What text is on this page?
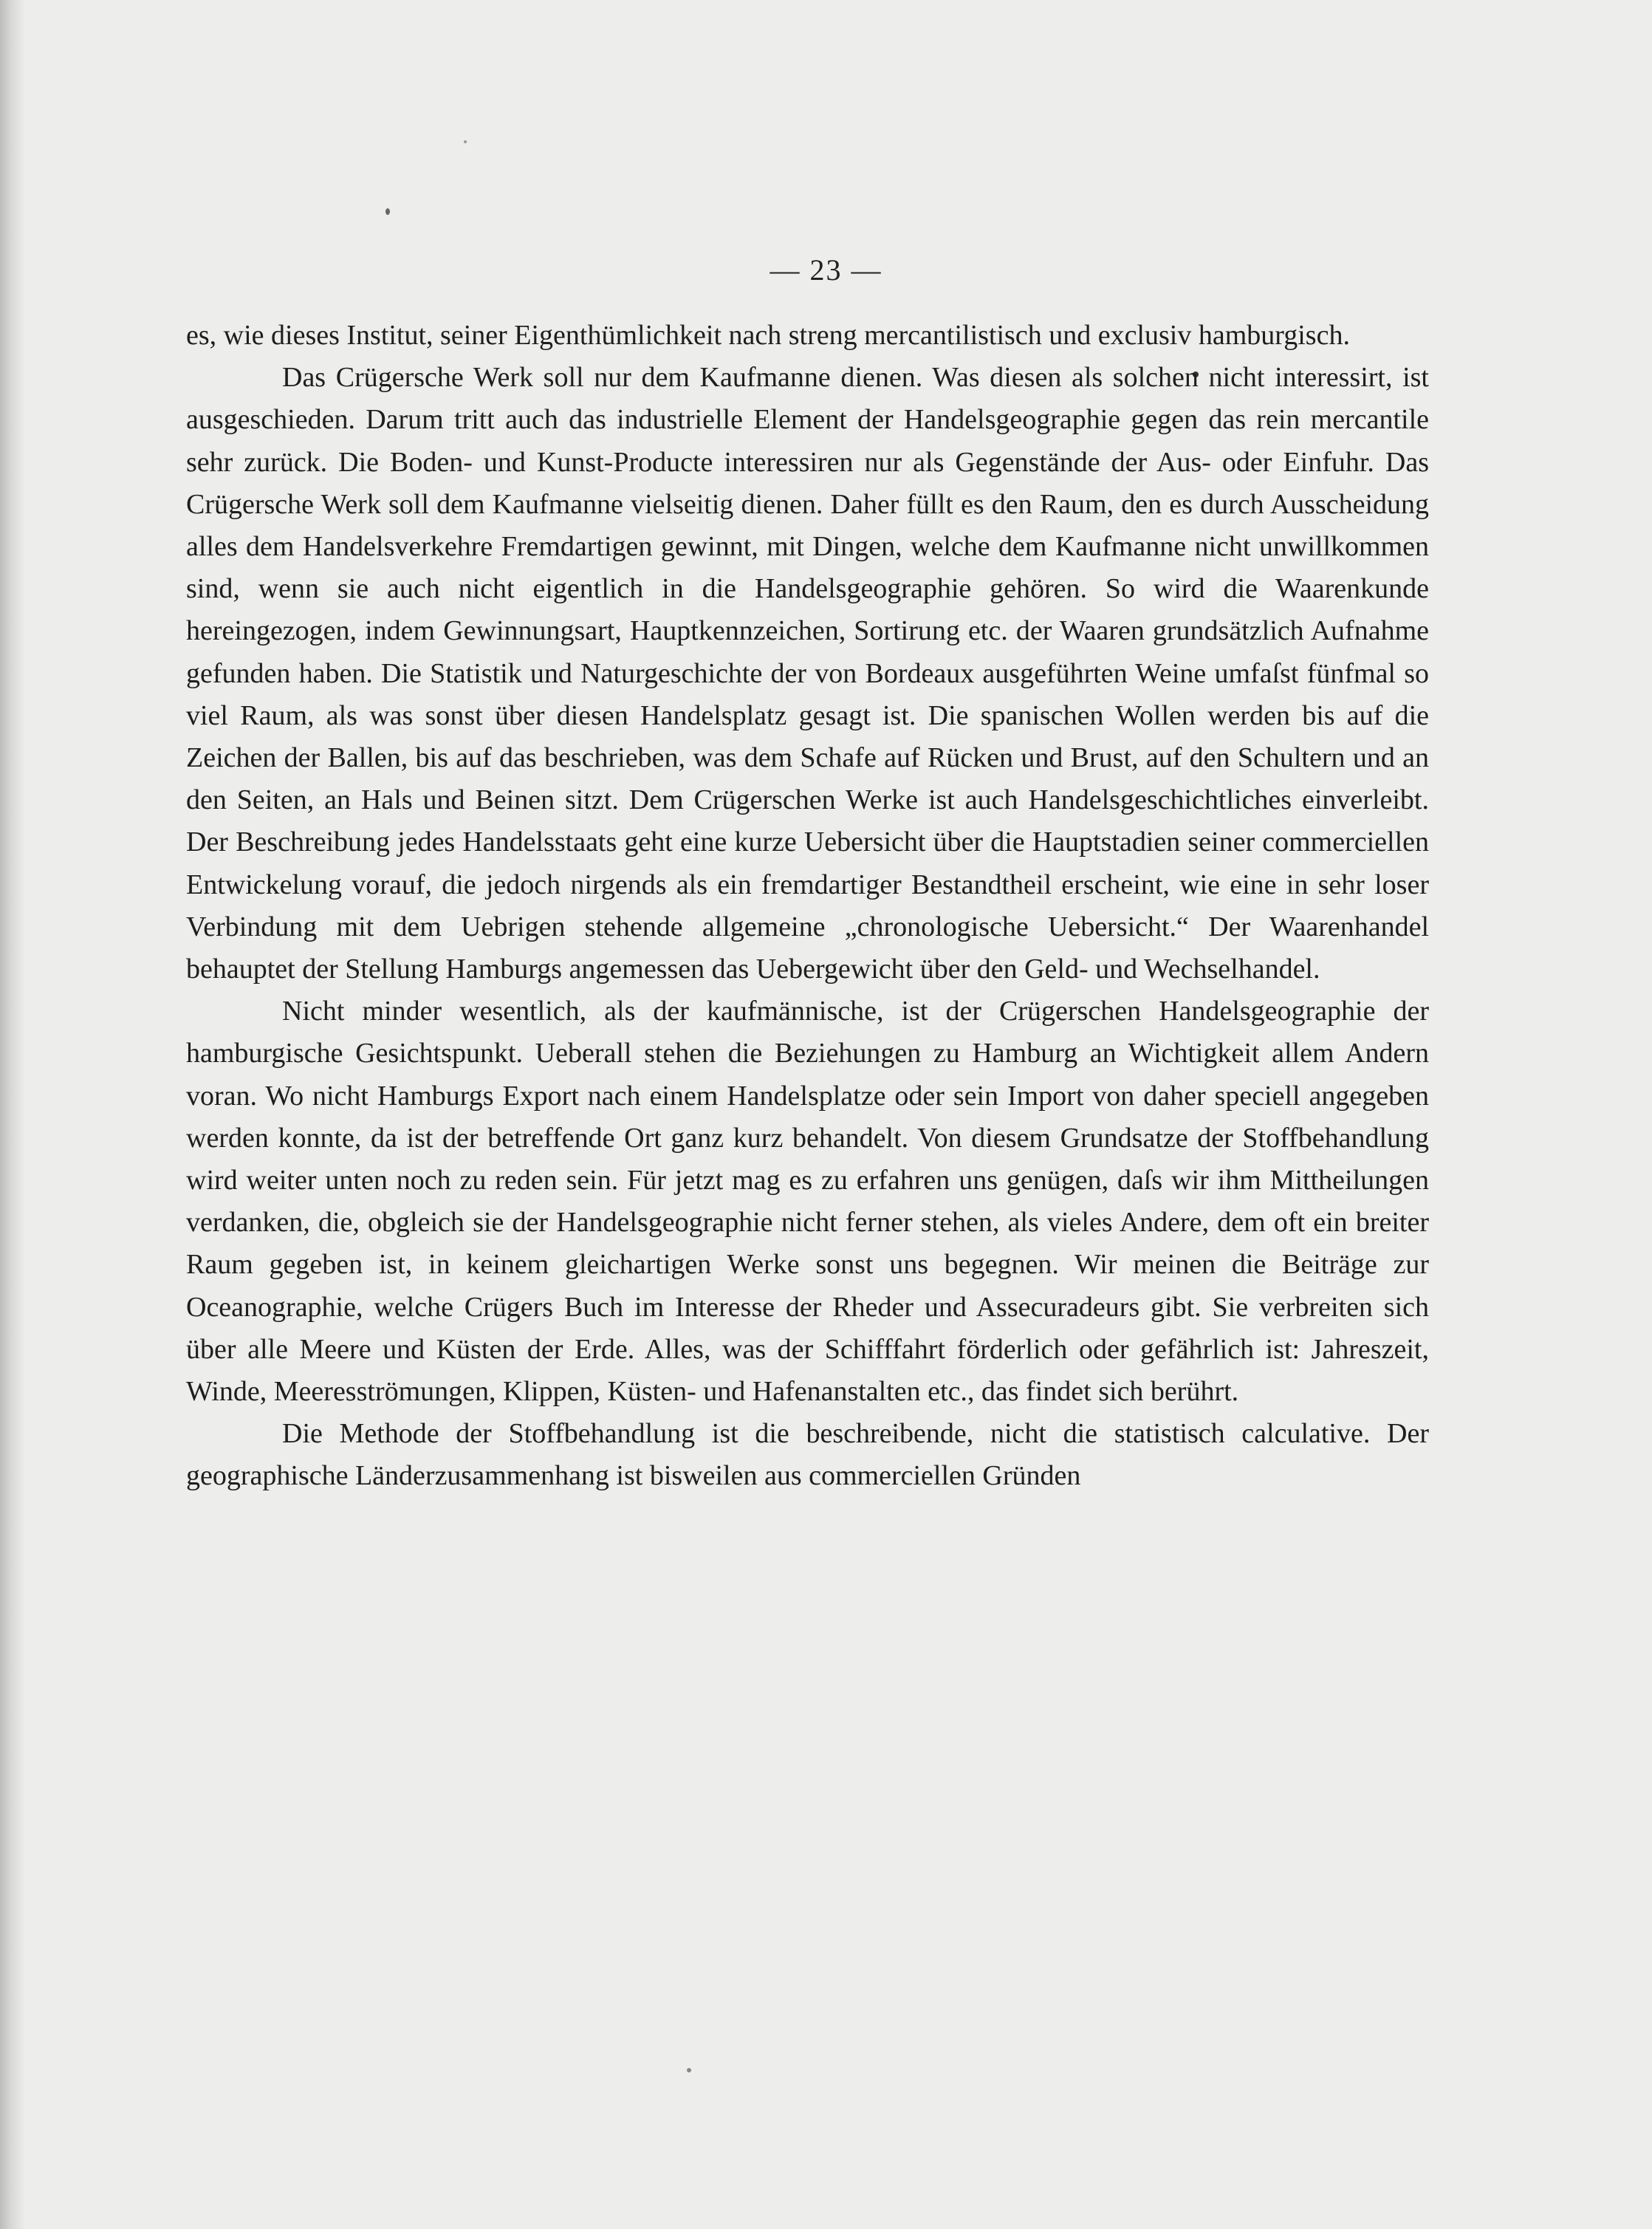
— 23 —

es, wie dieses Institut, seiner Eigenthümlichkeit nach streng mercantilistisch und exclusiv hamburgisch.

Das Crügersche Werk soll nur dem Kaufmanne dienen. Was diesen als solchen nicht interessirt, ist ausgeschieden. Darum tritt auch das industrielle Element der Handelsgeographie gegen das rein mercantile sehr zurück. Die Boden- und Kunst-Producte interessiren nur als Gegenstände der Aus- oder Einfuhr. Das Crügersche Werk soll dem Kaufmanne vielseitig dienen. Daher füllt es den Raum, den es durch Ausscheidung alles dem Handelsverkehre Fremdartigen gewinnt, mit Dingen, welche dem Kaufmanne nicht unwillkommen sind, wenn sie auch nicht eigentlich in die Handelsgeographie gehören. So wird die Waarenkunde hereingezogen, indem Gewinnungsart, Hauptkennzeichen, Sortirung etc. der Waaren grundsätzlich Aufnahme gefunden haben. Die Statistik und Naturgeschichte der von Bordeaux ausgeführten Weine umfaſst fünfmal so viel Raum, als was sonst über diesen Handelsplatz gesagt ist. Die spanischen Wollen werden bis auf die Zeichen der Ballen, bis auf das beschrieben, was dem Schafe auf Rücken und Brust, auf den Schultern und an den Seiten, an Hals und Beinen sitzt. Dem Crügerschen Werke ist auch Handelsgeschichtliches einverleibt. Der Beschreibung jedes Handelsstaats geht eine kurze Uebersicht über die Hauptstadien seiner commerciellen Entwickelung vorauf, die jedoch nirgends als ein fremdartiger Bestandtheil erscheint, wie eine in sehr loser Verbindung mit dem Uebrigen stehende allgemeine „chronologische Uebersicht.“ Der Waarenhandel behauptet der Stellung Hamburgs angemessen das Uebergewicht über den Geld- und Wechselhandel.

Nicht minder wesentlich, als der kaufmännische, ist der Crügerschen Handelsgeographie der hamburgische Gesichtspunkt. Ueberall stehen die Beziehungen zu Hamburg an Wichtigkeit allem Andern voran. Wo nicht Hamburgs Export nach einem Handelsplatze oder sein Import von daher speciell angegeben werden konnte, da ist der betreffende Ort ganz kurz behandelt. Von diesem Grundsatze der Stoffbehandlung wird weiter unten noch zu reden sein. Für jetzt mag es zu erfahren uns genügen, daſs wir ihm Mittheilungen verdanken, die, obgleich sie der Handelsgeographie nicht ferner stehen, als vieles Andere, dem oft ein breiter Raum gegeben ist, in keinem gleichartigen Werke sonst uns begegnen. Wir meinen die Beiträge zur Oceanographie, welche Crügers Buch im Interesse der Rheder und Assecuradeurs gibt. Sie verbreiten sich über alle Meere und Küsten der Erde. Alles, was der Schifffahrt förderlich oder gefährlich ist: Jahreszeit, Winde, Meeresströmungen, Klippen, Küsten- und Hafenanstalten etc., das findet sich berührt.

Die Methode der Stoffbehandlung ist die beschreibende, nicht die statistisch calculative. Der geographische Länderzusammenhang ist bisweilen aus commerciellen Gründen
